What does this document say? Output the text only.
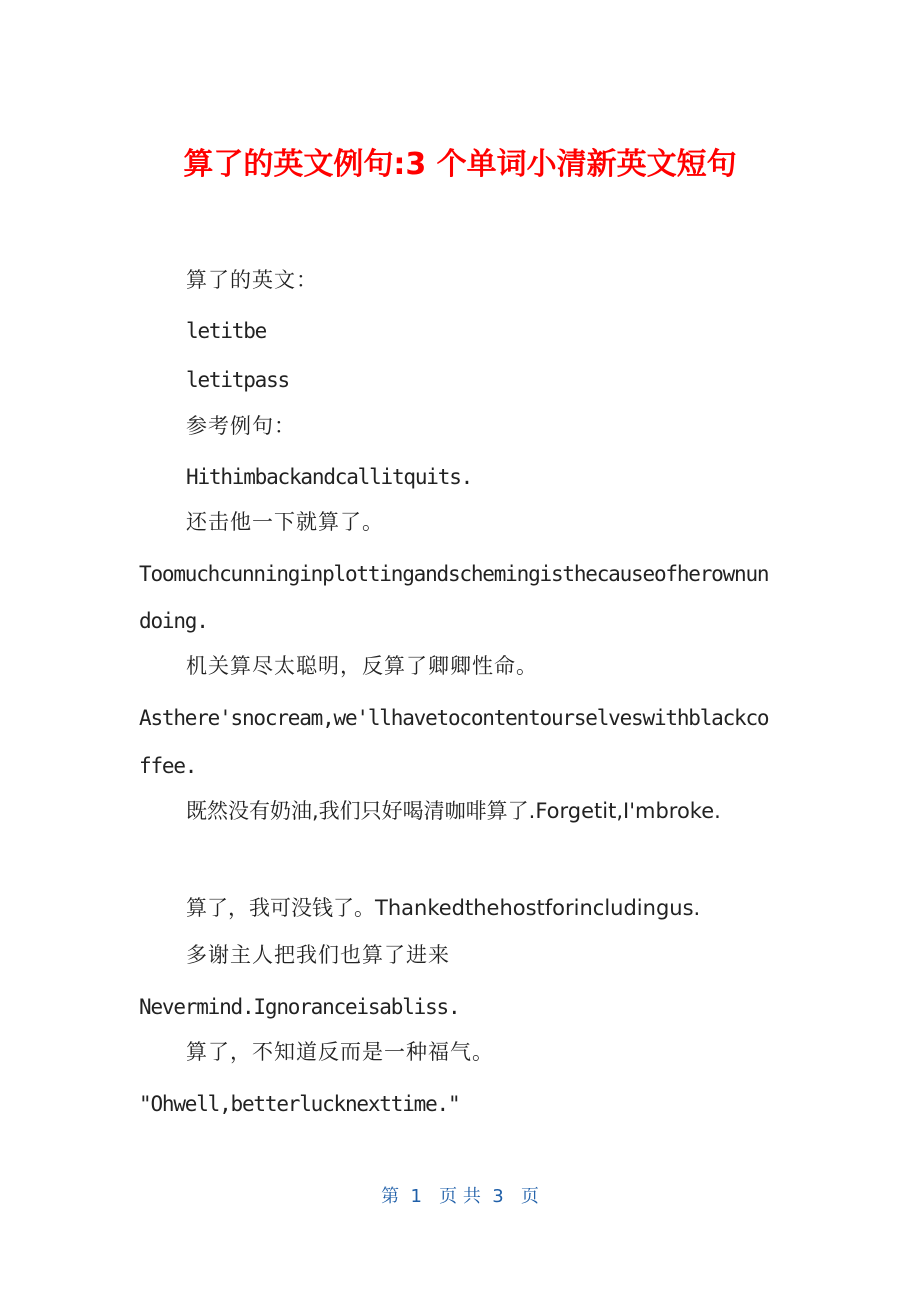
算了的英文例句:3 个单词小清新英文短句
算了的英文：
letitbe
letitpass
参考例句：
Hithimbackandcallitquits.
还击他一下就算了。
Toomuchcunninginplottingandschemingisthecauseofherownun
doing.
机关算尽太聪明，反算了卿卿性命。
Asthere'snocream,we'llhavetocontentourselveswithblackco
ffee.
既然没有奶油,我们只好喝清咖啡算了.Forgetit,I'mbroke.
算了，我可没钱了。Thankedthehostforincludingus.
多谢主人把我们也算了进来
Nevermind.Ignoranceisabliss.
算了，不知道反而是一种福气。
"Ohwell,betterlucknexttime."
第  1   页 共  3   页
